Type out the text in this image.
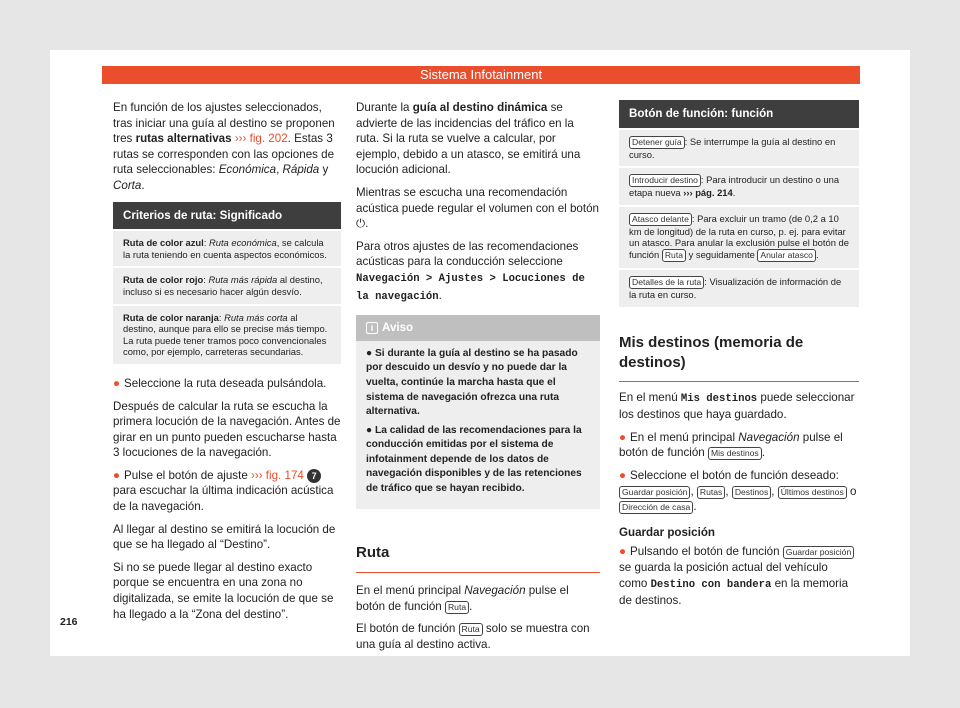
Sistema Infotainment

En función de los ajustes seleccionados, tras iniciar una guía al destino se proponen tres rutas alternativas ››› fig. 202. Estas 3 rutas se corresponden con las opciones de ruta seleccionables: Económica, Rápida y Corta.

Criterios de ruta: Significado
Ruta de color azul: Ruta económica, se calcula la ruta teniendo en cuenta aspectos económicos.
Ruta de color rojo: Ruta más rápida al destino, incluso si es necesario hacer algún desvío.
Ruta de color naranja: Ruta más corta al destino, aunque para ello se precise más tiempo. La ruta puede tener tramos poco convencionales como, por ejemplo, carreteras secundarias.

● Seleccione la ruta deseada pulsándola.

Después de calcular la ruta se escucha la primera locución de la navegación. Antes de girar en un punto pueden escucharse hasta 3 locuciones de la navegación.

● Pulse el botón de ajuste ››› fig. 174 7 para escuchar la última indicación acústica de la navegación.

Al llegar al destino se emitirá la locución de que se ha llegado al “Destino”.

Si no se puede llegar al destino exacto porque se encuentra en una zona no digitalizada, se emite la locución de que se ha llegado a la “Zona del destino”.

Durante la guía al destino dinámica se advierte de las incidencias del tráfico en la ruta. Si la ruta se vuelve a calcular, por ejemplo, debido a un atasco, se emitirá una locución adicional.

Mientras se escucha una recomendación acústica puede regular el volumen con el botón ⏻.

Para otros ajustes de las recomendaciones acústicas para la conducción seleccione Navegación > Ajustes > Locuciones de la navegación.

i Aviso
● Si durante la guía al destino se ha pasado por descuido un desvío y no puede dar la vuelta, continúe la marcha hasta que el sistema de navegación ofrezca una ruta alternativa.
● La calidad de las recomendaciones para la conducción emitidas por el sistema de infotainment depende de los datos de navegación disponibles y de las retenciones de tráfico que se hayan recibido.
Ruta

En el menú principal Navegación pulse el botón de función Ruta .

El botón de función Ruta solo se muestra con una guía al destino activa.

Botón de función: función
Detener guía : Se interrumpe la guía al destino en curso.
Introducir destino : Para introducir un destino o una etapa nueva ››› pág. 214.
Atasco delante : Para excluir un tramo (de 0,2 a 10 km de longitud) de la ruta en curso, p. ej. para evitar un atasco. Para anular la exclusión pulse el botón de función Ruta y seguidamente Anular atasco .
Detalles de la ruta : Visualización de información de la ruta en curso.
Mis destinos (memoria de destinos)

En el menú Mis destinos puede seleccionar los destinos que haya guardado.

● En el menú principal Navegación pulse el botón de función Mis destinos .

● Seleccione el botón de función deseado: Guardar posición , Rutas , Destinos , Últimos destinos o Dirección de casa .

Guardar posición

● Pulsando el botón de función Guardar posición se guarda la posición actual del vehículo como Destino con bandera en la memoria de destinos.

216
